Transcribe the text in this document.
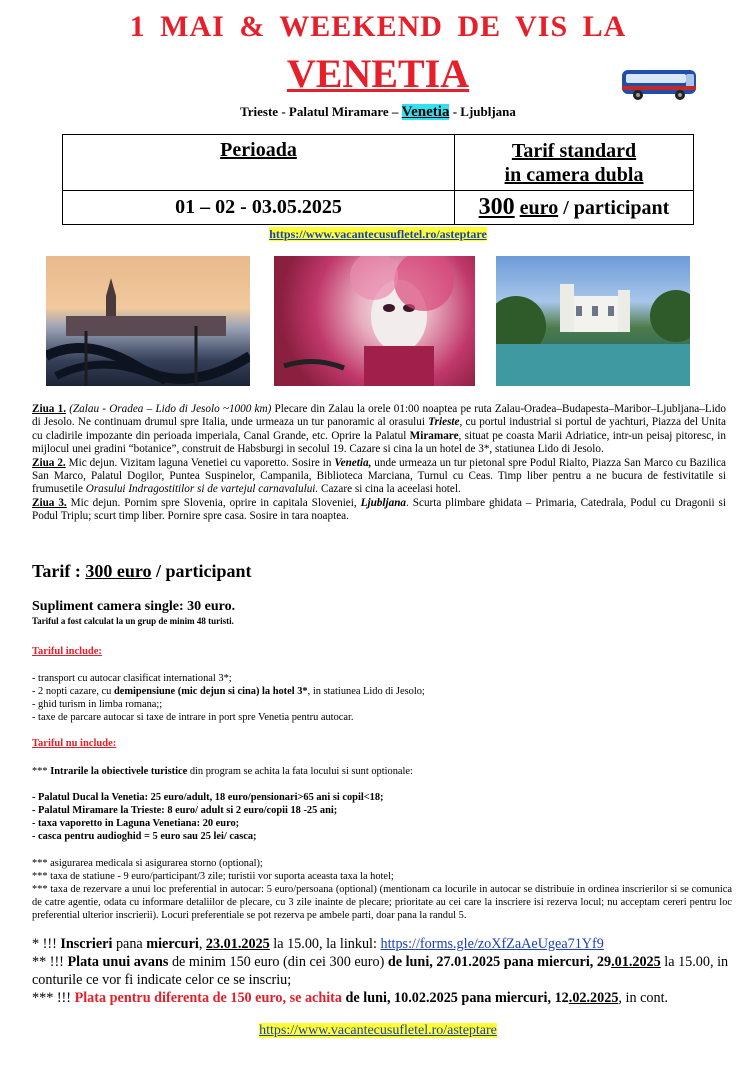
1 MAI & WEEKEND DE VIS LA
VENETIA
Trieste - Palatul Miramare – Venetia - Ljubljana
Perioada	Tarif standard
in camera dubla

01 – 02 - 03.05.2025	300 euro / participant
https://www.vacantecusufletel.ro/asteptare

Ziua 1. (Zalau - Oradea – Lido di Jesolo ~1000 km) Plecare din Zalau la orele 01:00 noaptea pe ruta Zalau-Oradea–Budapesta–Maribor–Ljubljana–Lido di Jesolo. Ne continuam drumul spre Italia, unde urmeaza un tur panoramic al orasului Trieste, cu portul industrial si portul de yachturi, Piazza del Unita cu cladirile impozante din perioada imperiala, Canal Grande, etc. Oprire la Palatul Miramare, situat pe coasta Marii Adriatice, intr-un peisaj pitoresc, in mijlocul unei gradini “botanice”, construit de Habsburgi in secolul 19. Cazare si cina la un hotel de 3*, statiunea Lido di Jesolo.

Ziua 2. Mic dejun. Vizitam laguna Venetiei cu vaporetto. Sosire in Venetia, unde urmeaza un tur pietonal spre Podul Rialto, Piazza San Marco cu Bazilica San Marco, Palatul Dogilor, Puntea Suspinelor, Campanila, Biblioteca Marciana, Turnul cu Ceas. Timp liber pentru a ne bucura de festivitatile si frumusetile Orasului Indragostitilor si de vartejul carnavalului. Cazare si cina la aceelasi hotel.

Ziua 3. Mic dejun. Pornim spre Slovenia, oprire in capitala Sloveniei, Ljubljana. Scurta plimbare ghidata – Primaria, Catedrala, Podul cu Dragonii si Podul Triplu; scurt timp liber. Pornire spre casa. Sosire in tara noaptea.

Tarif : 300 euro / participant
Supliment camera single: 30 euro.
Tariful a fost calculat la un grup de minim 48 turisti.
Tariful include:

- transport cu autocar clasificat international 3*;

- 2 nopti cazare, cu demipensiune (mic dejun si cina) la hotel 3*, in statiunea Lido di Jesolo;

- ghid turism in limba romana;;

- taxe de parcare autocar si taxe de intrare in port spre Venetia pentru autocar.

Tariful nu include:

*** Intrarile la obiectivele turistice din program se achita la fata locului si sunt optionale:

- Palatul Ducal la Venetia: 25 euro/adult, 18 euro/pensionari>65 ani si copil<18;

- Palatul Miramare la Trieste: 8 euro/ adult si 2 euro/copii 18 -25 ani;

- taxa vaporetto in Laguna Venetiana: 20 euro;

- casca pentru audioghid = 5 euro sau 25 lei/ casca;

*** asigurarea medicala si asigurarea storno (optional);

*** taxa de statiune - 9 euro/participant/3 zile; turistii vor suporta aceasta taxa la hotel;

*** taxa de rezervare a unui loc preferential in autocar: 5 euro/persoana (optional) (mentionam ca locurile in autocar se distribuie in ordinea inscrierilor si se comunica de catre agentie, odata cu informare detaliilor de plecare, cu 3 zile inainte de plecare; prioritate au cei care la inscriere isi rezerva locul; nu acceptam cereri pentru loc preferential ulterior inscrierii). Locuri preferentiale se pot rezerva pe ambele parti, doar pana la randul 5.

* !!! Inscrieri pana miercuri, 23.01.2025 la 15.00, la linkul: https://forms.gle/zoXfZaAeUgea71Yf9

** !!! Plata unui avans de minim 150 euro (din cei 300 euro) de luni, 27.01.2025 pana miercuri, 29.01.2025 la 15.00, in conturile ce vor fi indicate celor ce se inscriu;

*** !!! Plata pentru diferenta de 150 euro, se achita de luni, 10.02.2025 pana miercuri, 12.02.2025, in cont.

https://www.vacantecusufletel.ro/asteptare
